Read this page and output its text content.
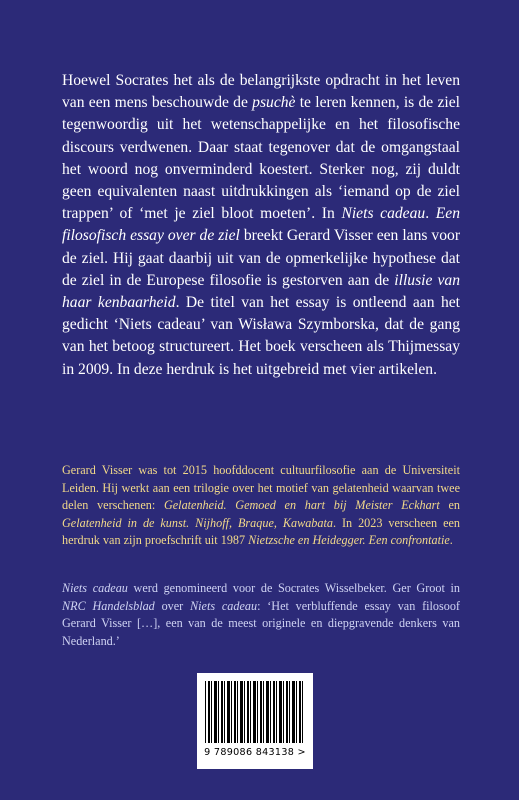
Hoewel Socrates het als de belangrijkste opdracht in het leven van een mens beschouwde de psuchè te leren kennen, is de ziel tegenwoordig uit het wetenschappelijke en het filosofische discours verdwenen. Daar staat tegenover dat de omgangstaal het woord nog onverminderd koestert. Sterker nog, zij duldt geen equivalenten naast uitdrukkingen als ‘iemand op de ziel trappen’ of ‘met je ziel bloot moeten’. In Niets cadeau. Een filosofisch essay over de ziel breekt Gerard Visser een lans voor de ziel. Hij gaat daarbij uit van de opmerkelijke hypothese dat de ziel in de Europese filosofie is gestorven aan de illusie van haar kenbaarheid. De titel van het essay is ontleend aan het gedicht ‘Niets cadeau’ van Wisława Szymborska, dat de gang van het betoog structureert. Het boek verscheen als Thijmessay in 2009. In deze herdruk is het uitgebreid met vier artikelen.

Gerard Visser was tot 2015 hoofddocent cultuurfilosofie aan de Universiteit Leiden. Hij werkt aan een trilogie over het motief van gelatenheid waarvan twee delen verschenen: Gelatenheid. Gemoed en hart bij Meister Eckhart en Gelatenheid in de kunst. Nijhoff, Braque, Kawabata. In 2023 verscheen een herdruk van zijn proefschrift uit 1987 Nietzsche en Heidegger. Een confrontatie.

Niets cadeau werd genomineerd voor de Socrates Wisselbeker. Ger Groot in NRC Handelsblad over Niets cadeau: ‘Het verbluffende essay van filosoof Gerard Visser […], een van de meest originele en diepgravende denkers van Nederland.’

9 789086 843138 >
